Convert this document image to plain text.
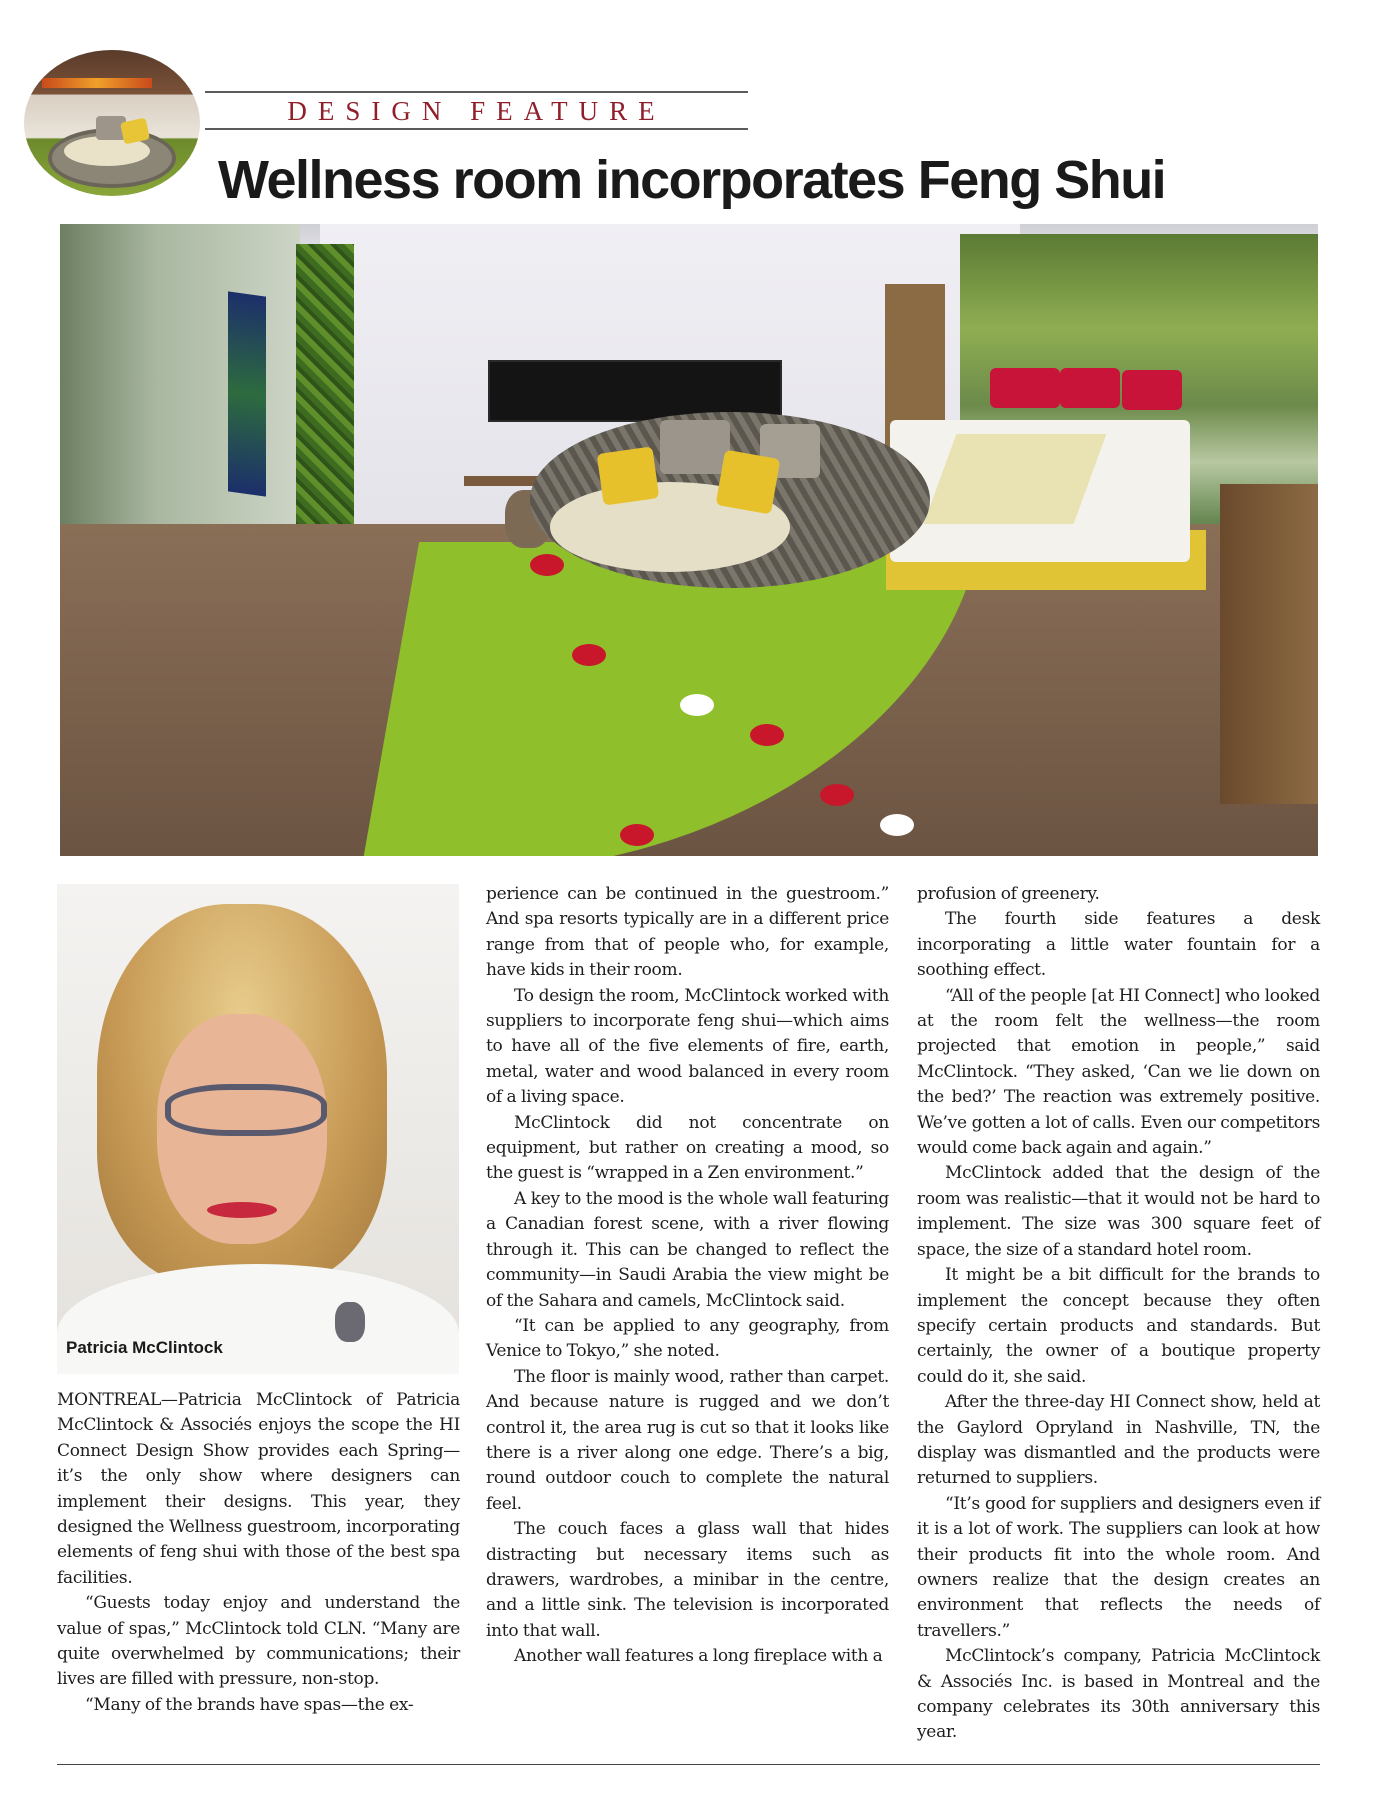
DESIGN FEATURE
Wellness room incorporates Feng Shui
Patricia McClintock

MONTREAL—Patricia McClintock of Patricia McClintock & Associés enjoys the scope the HI Connect Design Show provides each Spring—it’s the only show where designers can implement their designs. This year, they designed the Wellness guestroom, incorporating elements of feng shui with those of the best spa facilities.

“Guests today enjoy and understand the value of spas,” McClintock told CLN. “Many are quite overwhelmed by communications; their lives are filled with pressure, non-stop.

“Many of the brands have spas—the ex-

perience can be continued in the guestroom.” And spa resorts typically are in a different price range from that of people who, for example, have kids in their room.

To design the room, McClintock worked with suppliers to incorporate feng shui—which aims to have all of the five elements of fire, earth, metal, water and wood balanced in every room of a living space.

McClintock did not concentrate on equipment, but rather on creating a mood, so the guest is “wrapped in a Zen environment.”

A key to the mood is the whole wall featuring a Canadian forest scene, with a river flowing through it. This can be changed to reflect the community—in Saudi Arabia the view might be of the Sahara and camels, McClintock said.

“It can be applied to any geography, from Venice to Tokyo,” she noted.

The floor is mainly wood, rather than carpet. And because nature is rugged and we don’t control it, the area rug is cut so that it looks like there is a river along one edge. There’s a big, round outdoor couch to complete the natural feel.

The couch faces a glass wall that hides distracting but necessary items such as drawers, wardrobes, a minibar in the centre, and a little sink. The television is incorporated into that wall.

Another wall features a long fireplace with a

profusion of greenery.

The fourth side features a desk incorporating a little water fountain for a soothing effect.

“All of the people [at HI Connect] who looked at the room felt the wellness—the room projected that emotion in people,” said McClintock. “They asked, ‘Can we lie down on the bed?’ The reaction was extremely positive. We’ve gotten a lot of calls. Even our competitors would come back again and again.”

McClintock added that the design of the room was realistic—that it would not be hard to implement. The size was 300 square feet of space, the size of a standard hotel room.

It might be a bit difficult for the brands to implement the concept because they often specify certain products and standards. But certainly, the owner of a boutique property could do it, she said.

After the three-day HI Connect show, held at the Gaylord Opryland in Nashville, TN, the display was dismantled and the products were returned to suppliers.

“It’s good for suppliers and designers even if it is a lot of work. The suppliers can look at how their products fit into the whole room. And owners realize that the design creates an environment that reflects the needs of travellers.”

McClintock’s company, Patricia McClintock & Associés Inc. is based in Montreal and the company celebrates its 30th anniversary this year.
